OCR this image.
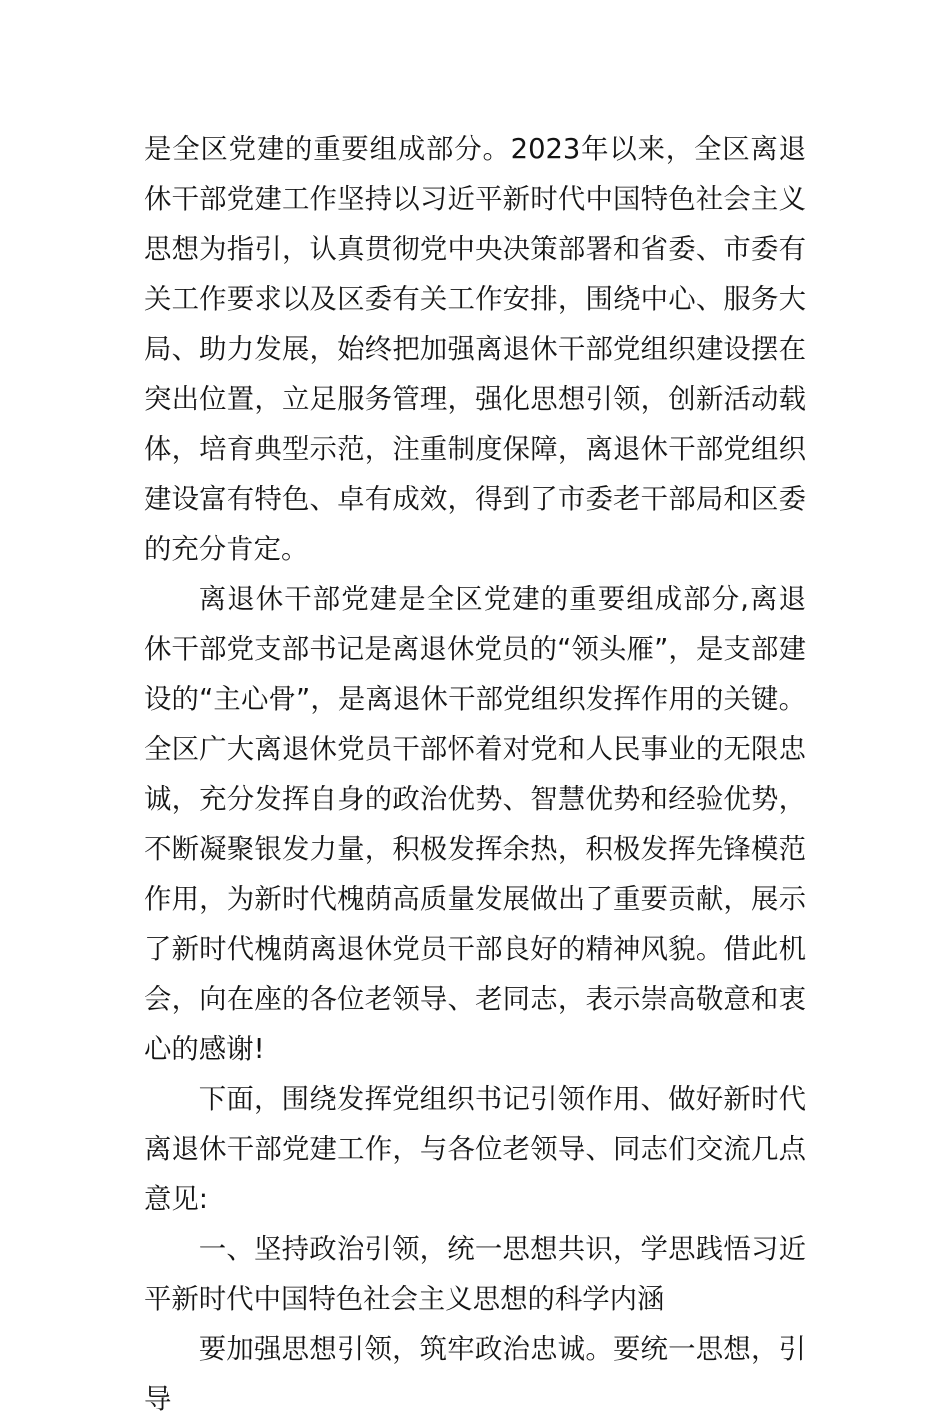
是全区党建的重要组成部分。2023年以来，全区离退休干部党建工作坚持以习近平新时代中国特色社会主义思想为指引，认真贯彻党中央决策部署和省委、市委有关工作要求以及区委有关工作安排，围绕中心、服务大局、助力发展，始终把加强离退休干部党组织建设摆在突出位置，立足服务管理，强化思想引领，创新活动载体，培育典型示范，注重制度保障，离退休干部党组织建设富有特色、卓有成效，得到了市委老干部局和区委的充分肯定。

离退休干部党建是全区党建的重要组成部分,离退休干部党支部书记是离退休党员的“领头雁”，是支部建设的“主心骨”，是离退休干部党组织发挥作用的关键。全区广大离退休党员干部怀着对党和人民事业的无限忠诚，充分发挥自身的政治优势、智慧优势和经验优势，不断凝聚银发力量，积极发挥余热，积极发挥先锋模范作用，为新时代槐荫高质量发展做出了重要贡献，展示了新时代槐荫离退休党员干部良好的精神风貌。借此机会，向在座的各位老领导、老同志，表示崇高敬意和衷心的感谢!

下面，围绕发挥党组织书记引领作用、做好新时代离退休干部党建工作，与各位老领导、同志们交流几点意见:

一、坚持政治引领，统一思想共识，学思践悟习近平新时代中国特色社会主义思想的科学内涵

要加强思想引领，筑牢政治忠诚。要统一思想，引导
